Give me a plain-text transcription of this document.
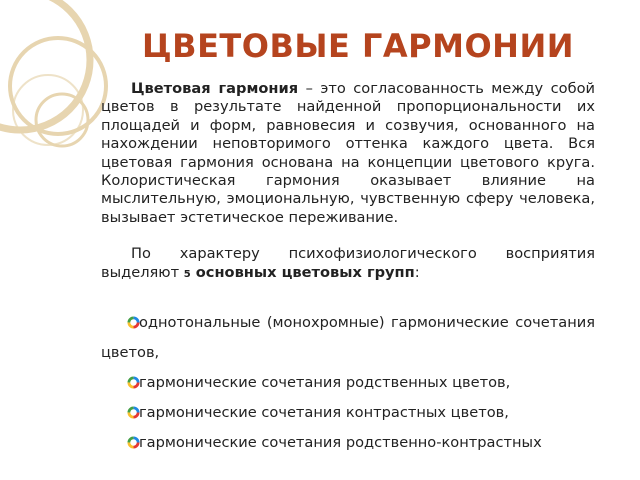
ЦВЕТОВЫЕ ГАРМОНИИ

Цветовая гармония – это согласованность между собой цветов в результате найденной пропорциональности их площадей и форм, равновесия и созвучия, основанного на нахождении неповторимого оттенка каждого цвета. Вся цветовая гармония основана на концепции цветового круга. Колористическая гармония оказывает влияние на мыслительную, эмоциональную, чувственную сферу человека, вызывает эстетическое переживание.

По характеру психофизиологического восприятия выделяют 5 основных цветовых групп:

однотональные (монохромные) гармонические сочетания цветов,
гармонические сочетания родственных цветов,
гармонические сочетания контрастных цветов,
гармонические сочетания родственно-контрастных
